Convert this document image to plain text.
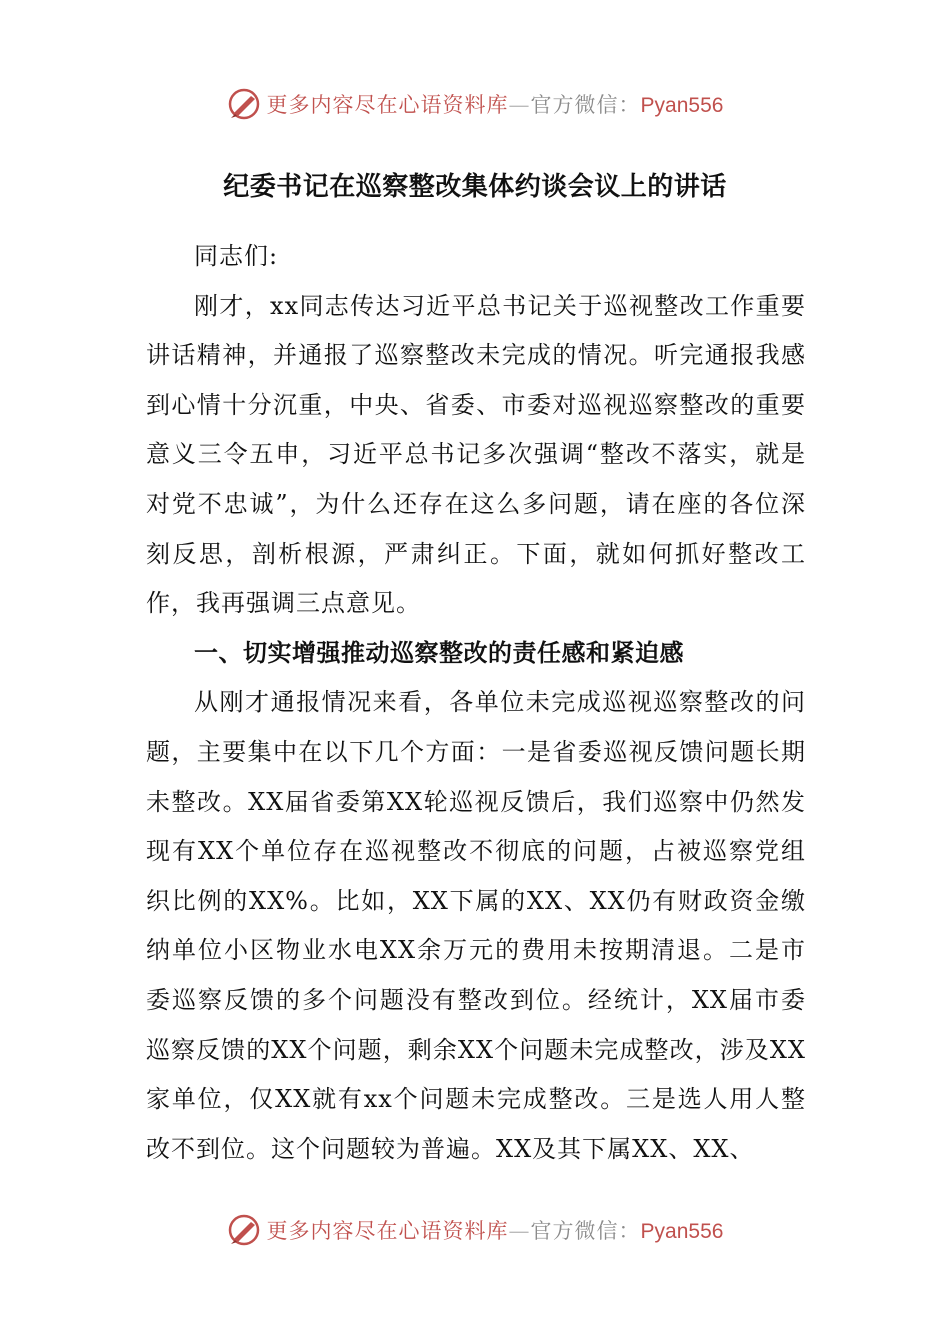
更多内容尽在心语资料库—官方微信：Pyan556
纪委书记在巡察整改集体约谈会议上的讲话

同志们:

刚才，xx同志传达习近平总书记关于巡视整改工作重要讲话精神，并通报了巡察整改未完成的情况。听完通报我感到心情十分沉重，中央、省委、市委对巡视巡察整改的重要意义三令五申，习近平总书记多次强调“整改不落实，就是对党不忠诚”，为什么还存在这么多问题，请在座的各位深刻反思，剖析根源，严肃纠正。下面，就如何抓好整改工作，我再强调三点意见。

一、切实增强推动巡察整改的责任感和紧迫感

从刚才通报情况来看，各单位未完成巡视巡察整改的问题，主要集中在以下几个方面：一是省委巡视反馈问题长期未整改。XX届省委第XX轮巡视反馈后，我们巡察中仍然发现有XX个单位存在巡视整改不彻底的问题，占被巡察党组织比例的XX%。比如，XX下属的XX、XX仍有财政资金缴纳单位小区物业水电XX余万元的费用未按期清退。二是市委巡察反馈的多个问题没有整改到位。经统计，XX届市委巡察反馈的XX个问题，剩余XX个问题未完成整改，涉及XX家单位，仅XX就有xx个问题未完成整改。三是选人用人整改不到位。这个问题较为普遍。XX及其下属XX、XX、

更多内容尽在心语资料库—官方微信：Pyan556
